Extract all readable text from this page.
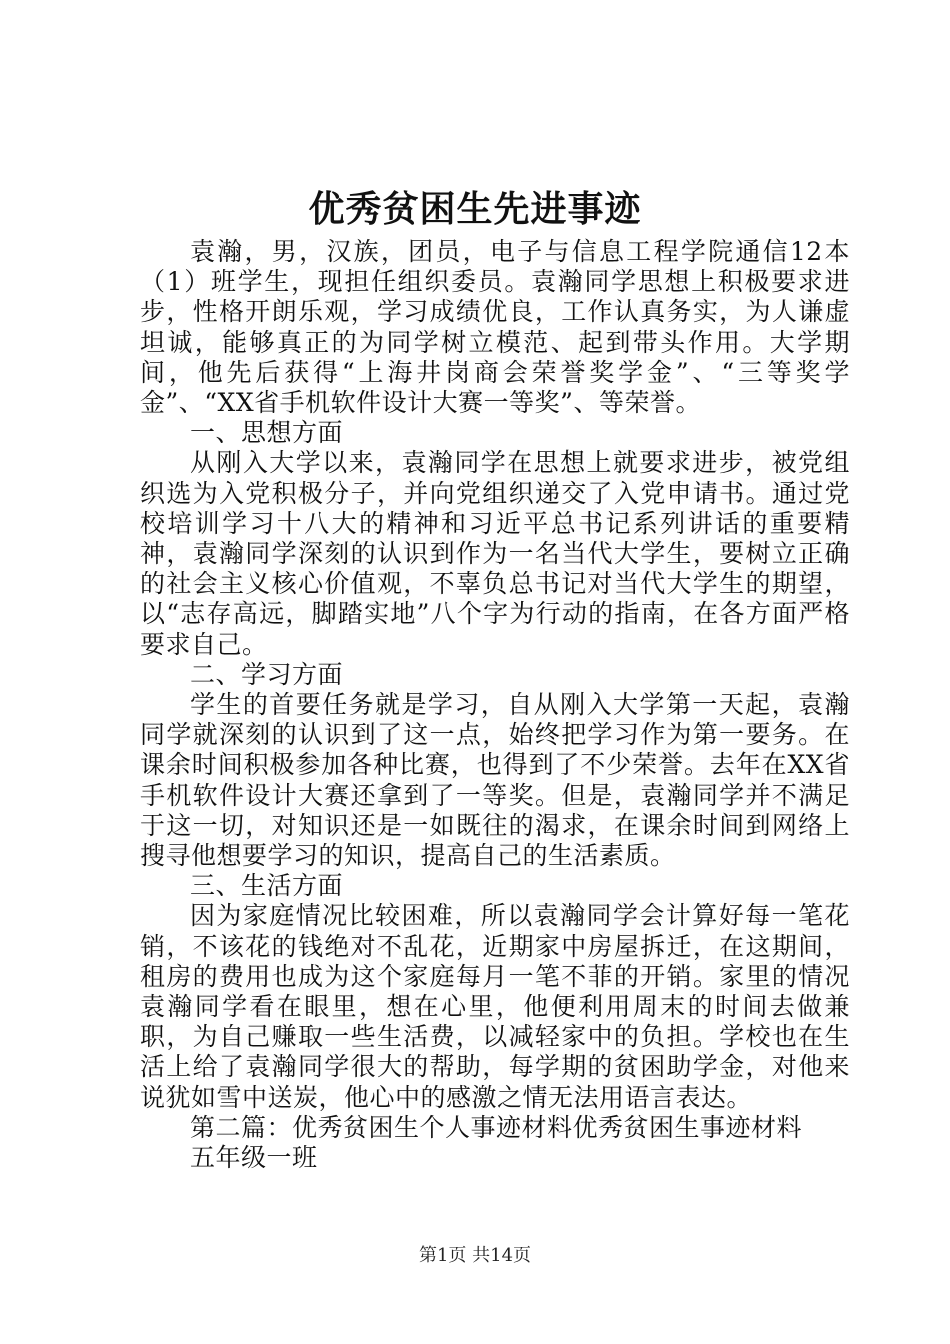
优秀贫困生先进事迹

袁瀚，男，汉族，团员，电子与信息工程学院通信12本（1）班学生，现担任组织委员。袁瀚同学思想上积极要求进步，性格开朗乐观，学习成绩优良，工作认真务实，为人谦虚坦诚，能够真正的为同学树立模范、起到带头作用。大学期间，他先后获得“上海井岗商会荣誉奖学金”、“三等奖学金”、“XX省手机软件设计大赛一等奖”、等荣誉。

一、思想方面

从刚入大学以来，袁瀚同学在思想上就要求进步，被党组织选为入党积极分子，并向党组织递交了入党申请书。通过党校培训学习十八大的精神和习近平总书记系列讲话的重要精神，袁瀚同学深刻的认识到作为一名当代大学生，要树立正确的社会主义核心价值观，不辜负总书记对当代大学生的期望，以“志存高远，脚踏实地”八个字为行动的指南，在各方面严格要求自己。

二、学习方面

学生的首要任务就是学习，自从刚入大学第一天起，袁瀚同学就深刻的认识到了这一点，始终把学习作为第一要务。在课余时间积极参加各种比赛，也得到了不少荣誉。去年在XX省手机软件设计大赛还拿到了一等奖。但是，袁瀚同学并不满足于这一切，对知识还是一如既往的渴求，在课余时间到网络上搜寻他想要学习的知识，提高自己的生活素质。

三、生活方面

因为家庭情况比较困难，所以袁瀚同学会计算好每一笔花销，不该花的钱绝对不乱花，近期家中房屋拆迁，在这期间，租房的费用也成为这个家庭每月一笔不菲的开销。家里的情况袁瀚同学看在眼里，想在心里，他便利用周末的时间去做兼职，为自己赚取一些生活费，以减轻家中的负担。学校也在生活上给了袁瀚同学很大的帮助，每学期的贫困助学金，对他来说犹如雪中送炭，他心中的感激之情无法用语言表达。

第二篇：优秀贫困生个人事迹材料优秀贫困生事迹材料

五年级一班

第1页 共14页
